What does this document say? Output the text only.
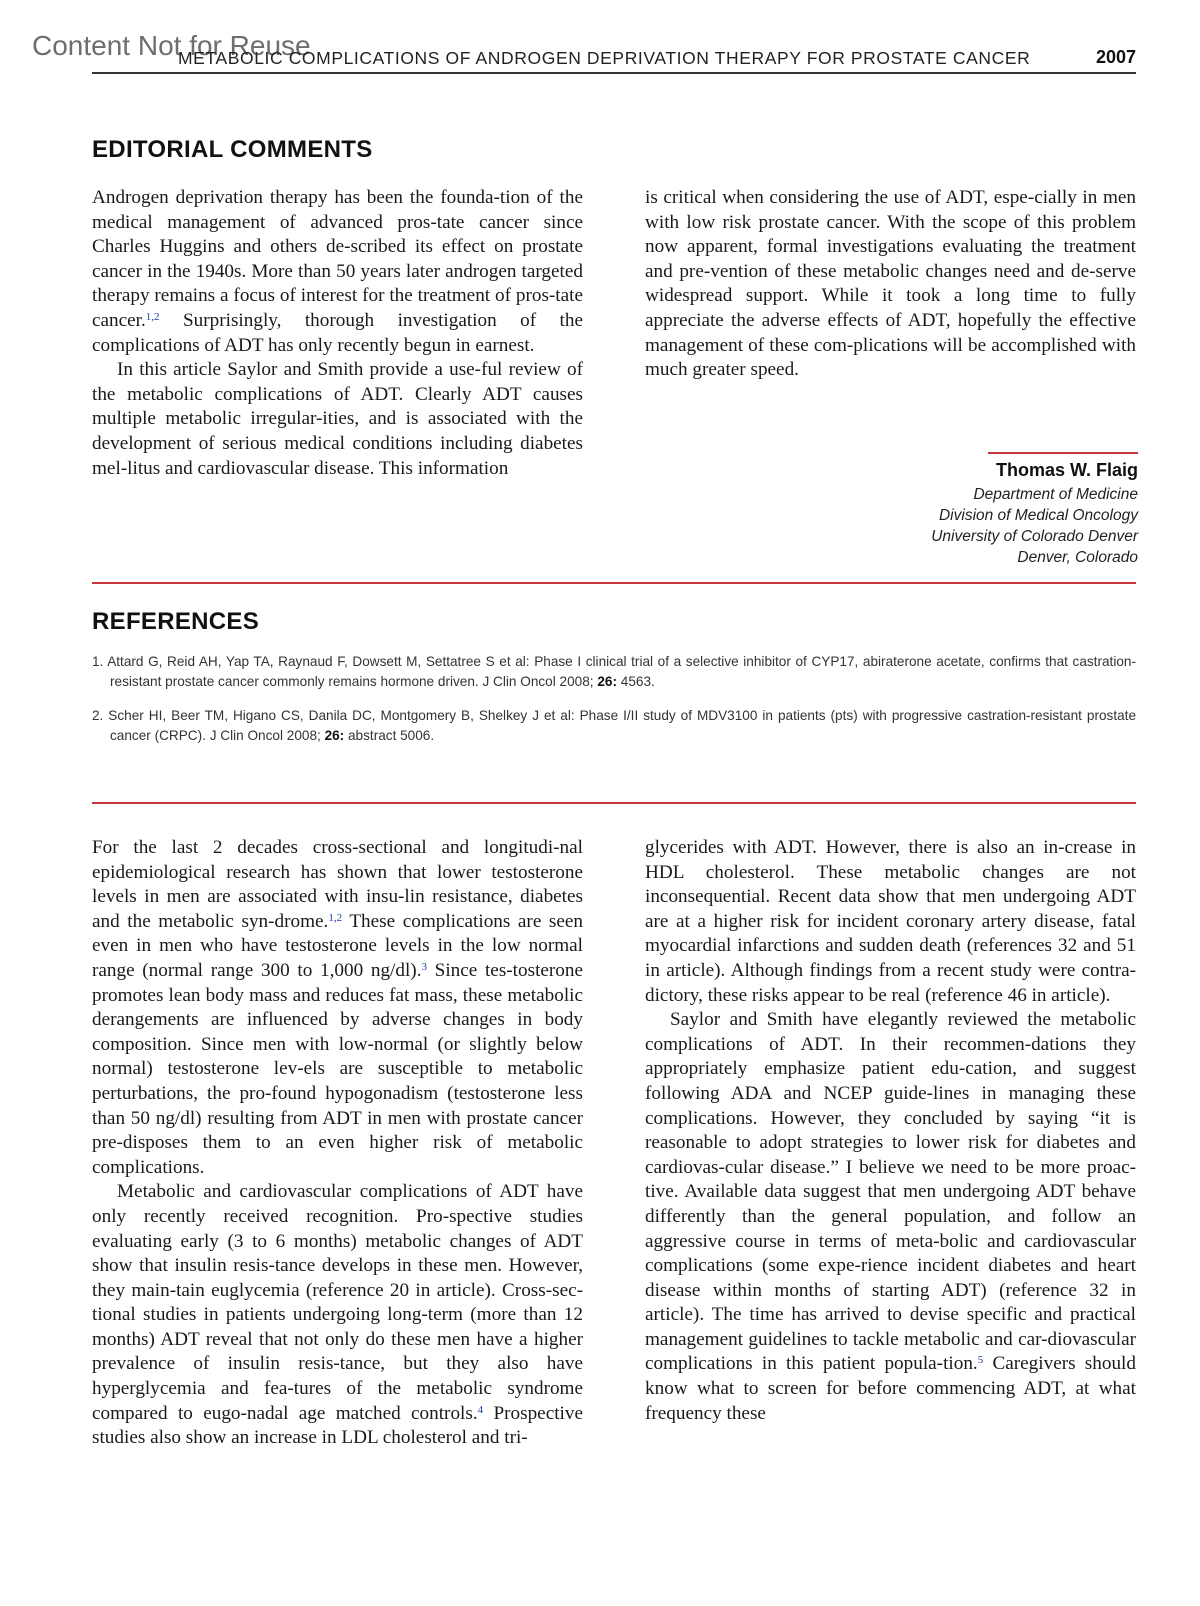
Content Not for Reuse
METABOLIC COMPLICATIONS OF ANDROGEN DEPRIVATION THERAPY FOR PROSTATE CANCER	2007
EDITORIAL COMMENTS

Androgen deprivation therapy has been the founda-tion of the medical management of advanced pros-tate cancer since Charles Huggins and others de-scribed its effect on prostate cancer in the 1940s. More than 50 years later androgen targeted therapy remains a focus of interest for the treatment of pros-tate cancer.$^{1,2}$ Surprisingly, thorough investigation of the complications of ADT has only recently begun in earnest.

In this article Saylor and Smith provide a use-ful review of the metabolic complications of ADT. Clearly ADT causes multiple metabolic irregular-ities, and is associated with the development of serious medical conditions including diabetes mel-litus and cardiovascular disease. This information

is critical when considering the use of ADT, espe-cially in men with low risk prostate cancer. With the scope of this problem now apparent, formal investigations evaluating the treatment and pre-vention of these metabolic changes need and de-serve widespread support. While it took a long time to fully appreciate the adverse effects of ADT, hopefully the effective management of these com-plications will be accomplished with much greater speed.

Thomas W. Flaig
Department of Medicine
Division of Medical Oncology
University of Colorado Denver
Denver, Colorado
REFERENCES
1. Attard G, Reid AH, Yap TA, Raynaud F, Dowsett M, Settatree S et al: Phase I clinical trial of a selective inhibitor of CYP17, abiraterone acetate, confirms that castration-resistant prostate cancer commonly remains hormone driven. J Clin Oncol 2008; 26: 4563.
2. Scher HI, Beer TM, Higano CS, Danila DC, Montgomery B, Shelkey J et al: Phase I/II study of MDV3100 in patients (pts) with progressive castration-resistant prostate cancer (CRPC). J Clin Oncol 2008; 26: abstract 5006.

For the last 2 decades cross-sectional and longitudi-nal epidemiological research has shown that lower testosterone levels in men are associated with insu-lin resistance, diabetes and the metabolic syn-drome.$^{1,2}$ These complications are seen even in men who have testosterone levels in the low normal range (normal range 300 to 1,000 ng/dl).$^3$ Since tes-tosterone promotes lean body mass and reduces fat mass, these metabolic derangements are influenced by adverse changes in body composition. Since men with low-normal (or slightly below normal) testosterone lev-els are susceptible to metabolic perturbations, the pro-found hypogonadism (testosterone less than 50 ng/dl) resulting from ADT in men with prostate cancer pre-disposes them to an even higher risk of metabolic complications.

Metabolic and cardiovascular complications of ADT have only recently received recognition. Pro-spective studies evaluating early (3 to 6 months) metabolic changes of ADT show that insulin resis-tance develops in these men. However, they main-tain euglycemia (reference 20 in article). Cross-sec-tional studies in patients undergoing long-term (more than 12 months) ADT reveal that not only do these men have a higher prevalence of insulin resis-tance, but they also have hyperglycemia and fea-tures of the metabolic syndrome compared to eugo-nadal age matched controls.$^4$ Prospective studies also show an increase in LDL cholesterol and tri-

glycerides with ADT. However, there is also an in-crease in HDL cholesterol. These metabolic changes are not inconsequential. Recent data show that men undergoing ADT are at a higher risk for incident coronary artery disease, fatal myocardial infarctions and sudden death (references 32 and 51 in article). Although findings from a recent study were contra-dictory, these risks appear to be real (reference 46 in article).

Saylor and Smith have elegantly reviewed the metabolic complications of ADT. In their recommen-dations they appropriately emphasize patient edu-cation, and suggest following ADA and NCEP guide-lines in managing these complications. However, they concluded by saying “it is reasonable to adopt strategies to lower risk for diabetes and cardiovas-cular disease.” I believe we need to be more proac-tive. Available data suggest that men undergoing ADT behave differently than the general population, and follow an aggressive course in terms of meta-bolic and cardiovascular complications (some expe-rience incident diabetes and heart disease within months of starting ADT) (reference 32 in article). The time has arrived to devise specific and practical management guidelines to tackle metabolic and car-diovascular complications in this patient popula-tion.$^5$ Caregivers should know what to screen for before commencing ADT, at what frequency these
